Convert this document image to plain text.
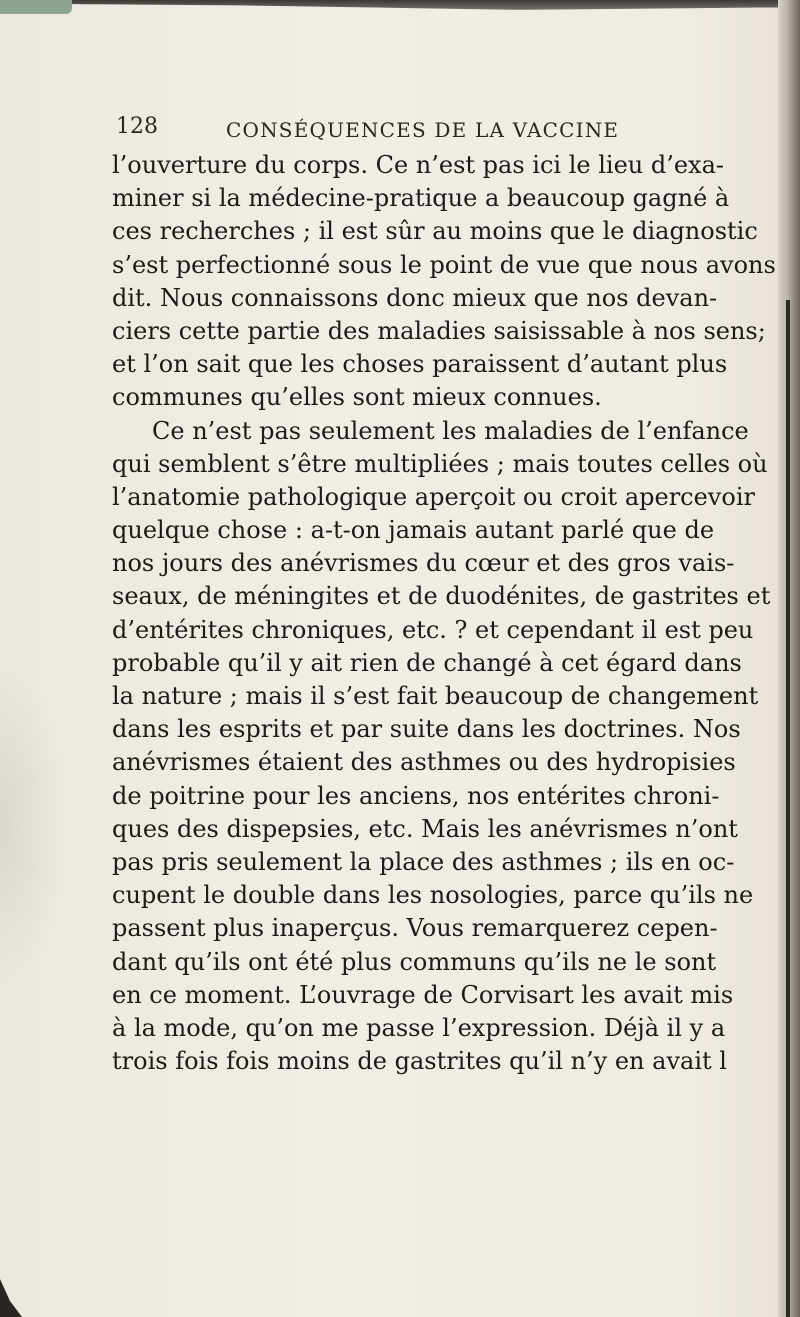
128	CONSÉQUENCES DE LA VACCINE
l’ouverture du corps. Ce n’est pas ici le lieu d’exa-
miner si la médecine-pratique a beaucoup gagné à
ces recherches ; il est sûr au moins que le diagnostic
s’est perfectionné sous le point de vue que nous avons
dit. Nous connaissons donc mieux que nos devan-
ciers cette partie des maladies saisissable à nos sens;
et l’on sait que les choses paraissent d’autant plus
communes qu’elles sont mieux connues.
Ce n’est pas seulement les maladies de l’enfance
qui semblent s’être multipliées ; mais toutes celles où
l’anatomie pathologique aperçoit ou croit apercevoir
quelque chose : a-t-on jamais autant parlé que de
nos jours des anévrismes du cœur et des gros vais-
seaux, de méningites et de duodénites, de gastrites et
d’entérites chroniques, etc. ? et cependant il est peu
probable qu’il y ait rien de changé à cet égard dans
la nature ; mais il s’est fait beaucoup de changement
dans les esprits et par suite dans les doctrines. Nos
anévrismes étaient des asthmes ou des hydropisies
de poitrine pour les anciens, nos entérites chroni-
ques des dispepsies, etc. Mais les anévrismes n’ont
pas pris seulement la place des asthmes ; ils en oc-
cupent le double dans les nosologies, parce qu’ils ne
passent plus inaperçus. Vous remarquerez cepen-
dant qu’ils ont été plus communs qu’ils ne le sont
en ce moment. L’ouvrage de Corvisart les avait mis
à la mode, qu’on me passe l’expression. Déjà il y a
trois fois fois moins de gastrites qu’il n’y en avait l
